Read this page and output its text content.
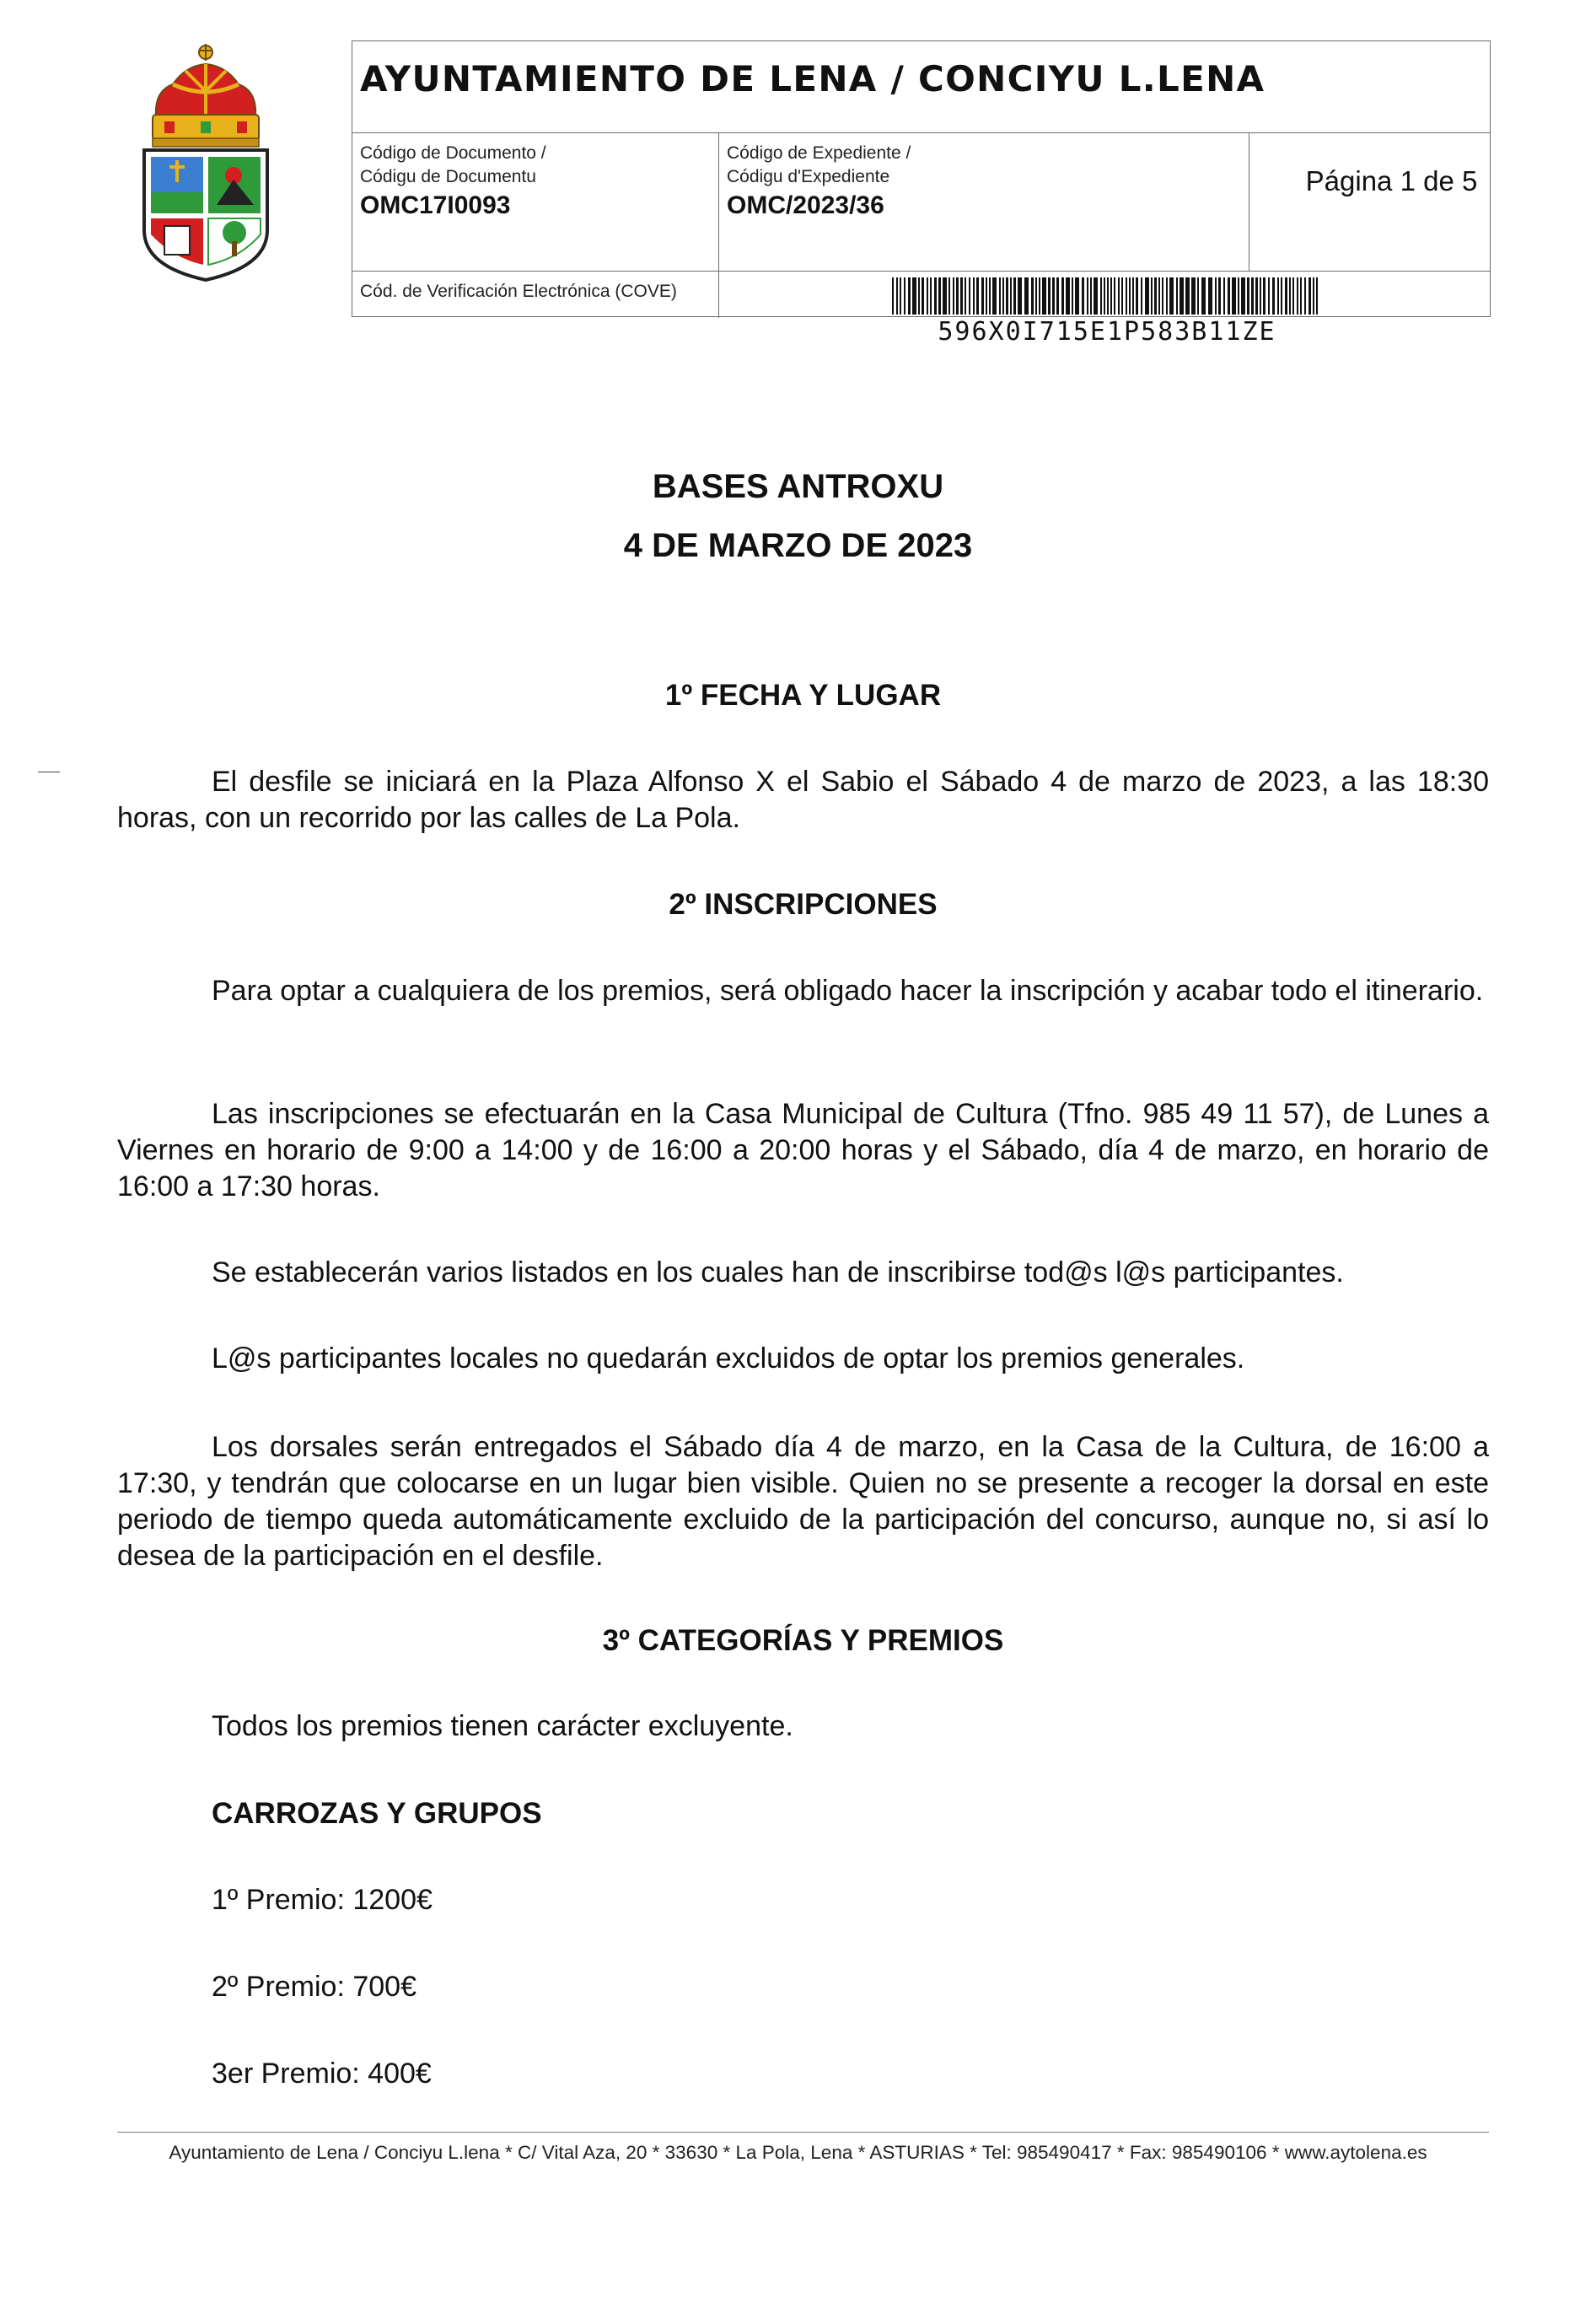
AYUNTAMIENTO DE LENA / CONCIYU L.LENA
Código de Documento /
Códigu de Documentu
OMC17I0093
Código de Expediente /
Códigu d'Expediente
OMC/2023/36
Página 1 de 5
Cód. de Verificación Electrónica (COVE)
596X0I715E1P583B11ZE
BASES ANTROXU
4 DE MARZO DE 2023
1º FECHA Y LUGAR
El desfile se iniciará en la Plaza Alfonso X el Sabio el Sábado 4 de marzo de 2023, a las 18:30 horas, con un recorrido por las calles de La Pola.
2º INSCRIPCIONES
Para optar a cualquiera de los premios, será obligado hacer la inscripción y acabar todo el itinerario.
Las inscripciones se efectuarán en la Casa Municipal de Cultura (Tfno. 985 49 11 57), de Lunes a Viernes en horario de 9:00 a 14:00 y de 16:00 a 20:00 horas y el Sábado, día 4 de marzo, en horario de 16:00 a 17:30 horas.
Se establecerán varios listados en los cuales han de inscribirse tod@s l@s participantes.
L@s participantes locales no quedarán excluidos de optar los premios generales.
Los dorsales serán entregados el Sábado día 4 de marzo, en la Casa de la Cultura, de 16:00 a 17:30, y tendrán que colocarse en un lugar bien visible. Quien no se presente a recoger la dorsal en este periodo de tiempo queda automáticamente excluido de la participación del concurso, aunque no, si así lo desea de la participación en el desfile.
3º CATEGORÍAS Y PREMIOS
Todos los premios tienen carácter excluyente.
CARROZAS Y GRUPOS
1º Premio: 1200€
2º Premio: 700€
3er Premio: 400€
Ayuntamiento de Lena / Conciyu L.lena * C/ Vital Aza, 20 * 33630 * La Pola, Lena * ASTURIAS * Tel: 985490417 * Fax: 985490106 * www.aytolena.es
